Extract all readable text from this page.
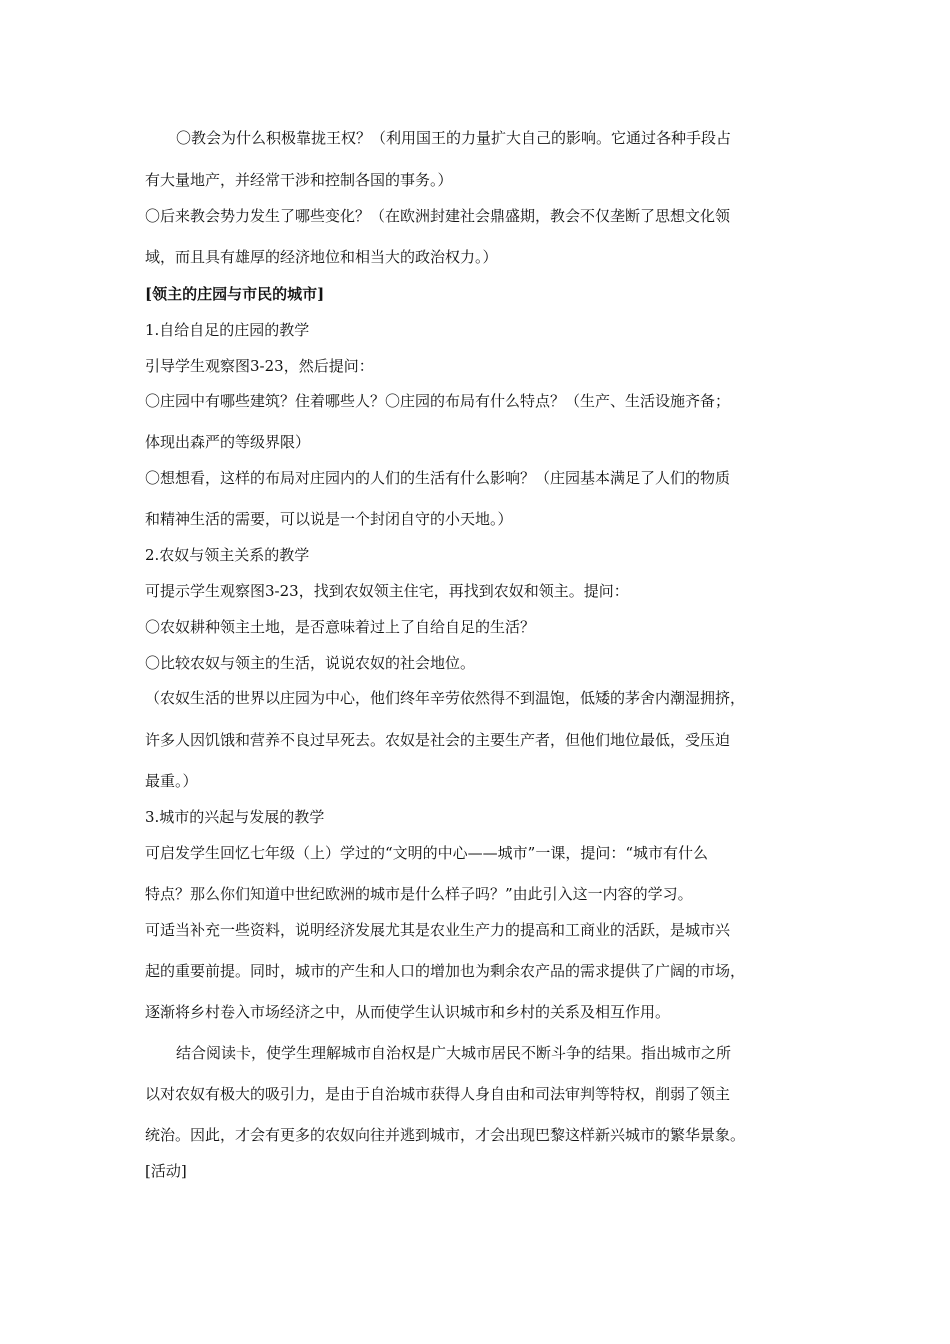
〇教会为什么积极靠拢王权？（利用国王的力量扩大自己的影响。它通过各种手段占

有大量地产，并经常干涉和控制各国的事务。）

〇后来教会势力发生了哪些变化？（在欧洲封建社会鼎盛期，教会不仅垄断了思想文化领

域，而且具有雄厚的经济地位和相当大的政治权力。）

[领主的庄园与市民的城市]

1.自给自足的庄园的教学

引导学生观察图3-23，然后提问：

〇庄园中有哪些建筑？住着哪些人？〇庄园的布局有什么特点？（生产、生活设施齐备；

体现出森严的等级界限）

〇想想看，这样的布局对庄园内的人们的生活有什么影响？（庄园基本满足了人们的物质

和精神生活的需要，可以说是一个封闭自守的小天地。）

2.农奴与领主关系的教学

可提示学生观察图3-23，找到农奴领主住宅，再找到农奴和领主。提问：

〇农奴耕种领主土地，是否意味着过上了自给自足的生活？

〇比较农奴与领主的生活，说说农奴的社会地位。

（农奴生活的世界以庄园为中心，他们终年辛劳依然得不到温饱，低矮的茅舍内潮湿拥挤，

许多人因饥饿和营养不良过早死去。农奴是社会的主要生产者，但他们地位最低，受压迫

最重。）

3.城市的兴起与发展的教学

可启发学生回忆七年级（上）学过的“文明的中心——城市”一课，提问：“城市有什么

特点？那么你们知道中世纪欧洲的城市是什么样子吗？”由此引入这一内容的学习。

可适当补充一些资料，说明经济发展尤其是农业生产力的提高和工商业的活跃，是城市兴

起的重要前提。同时，城市的产生和人口的增加也为剩余农产品的需求提供了广阔的市场，

逐渐将乡村卷入市场经济之中，从而使学生认识城市和乡村的关系及相互作用。

结合阅读卡，使学生理解城市自治权是广大城市居民不断斗争的结果。指出城市之所

以对农奴有极大的吸引力，是由于自治城市获得人身自由和司法审判等特权，削弱了领主

统治。因此，才会有更多的农奴向往并逃到城市，才会出现巴黎这样新兴城市的繁华景象。

[活动]
